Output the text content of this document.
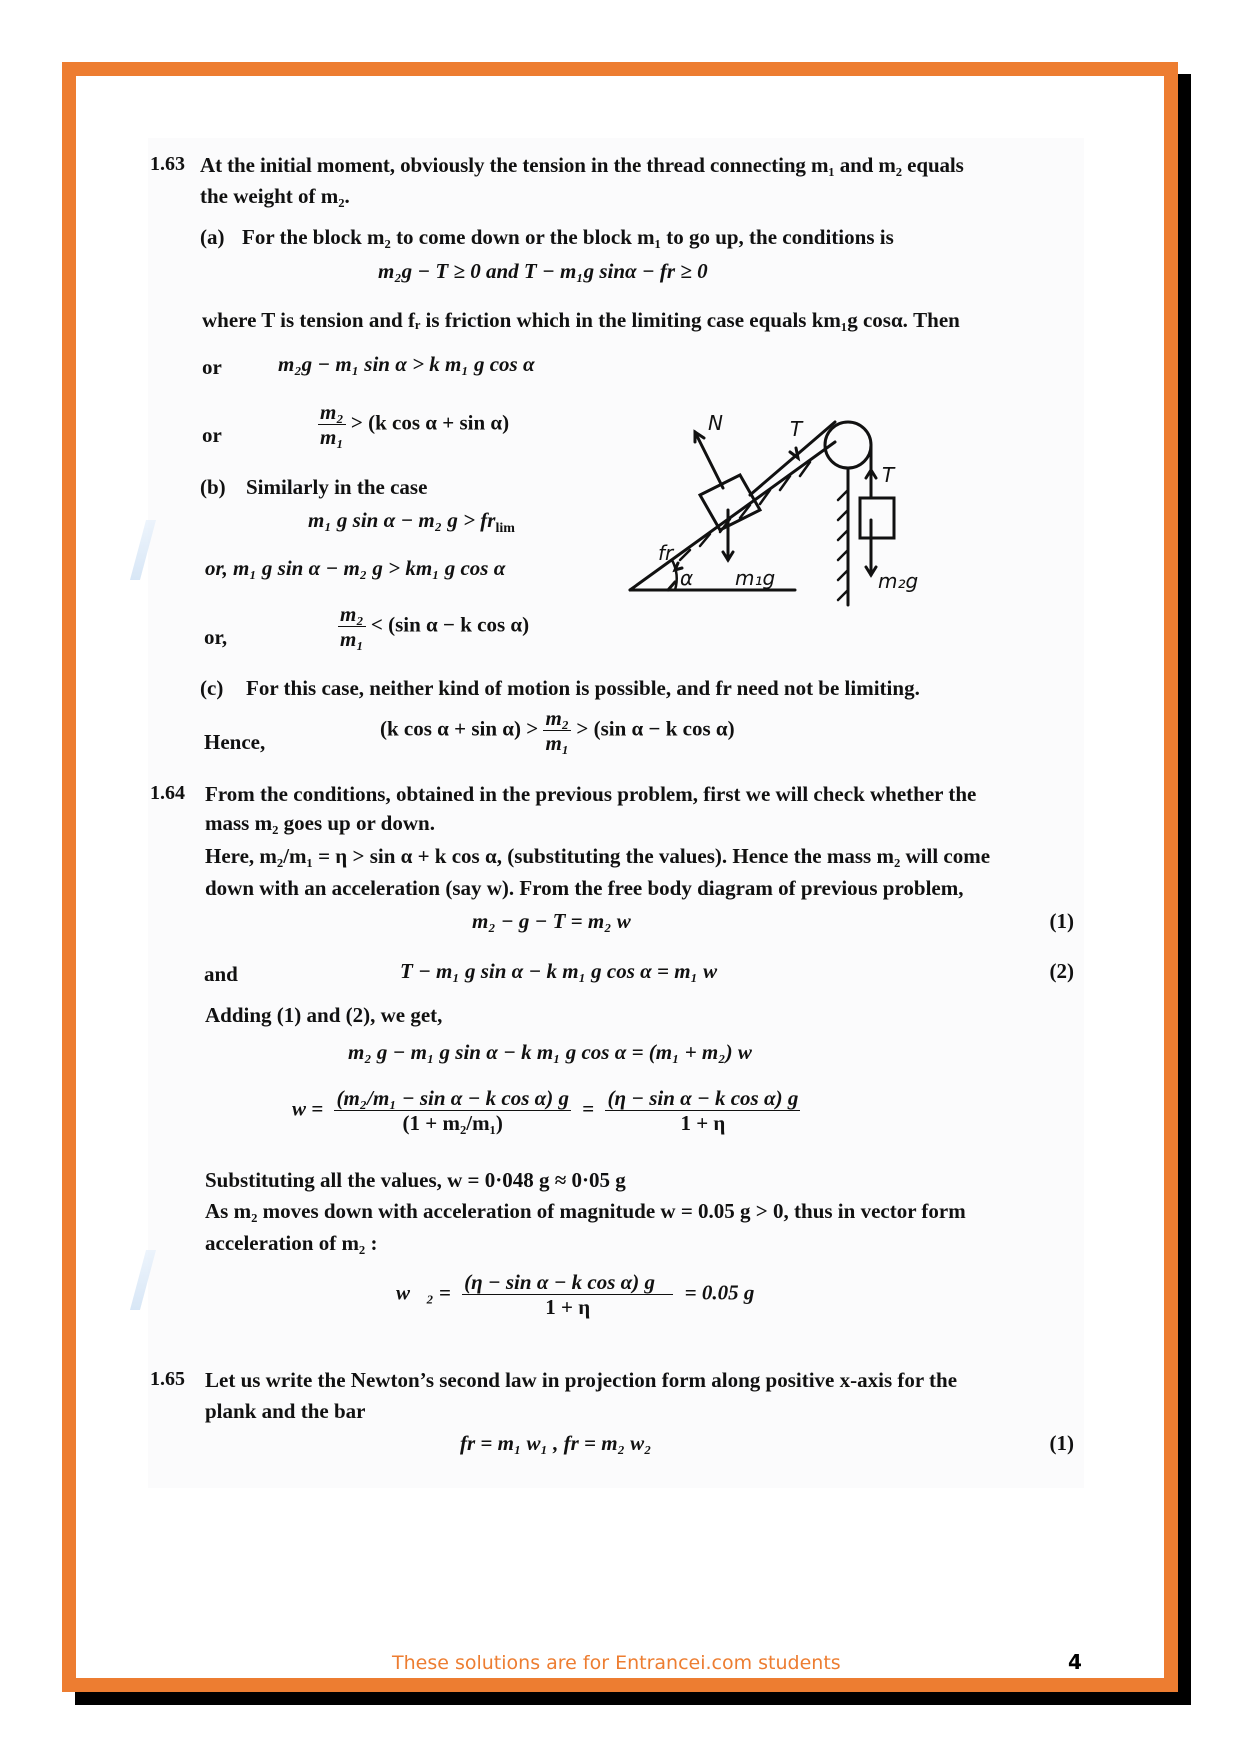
1.63 At the initial moment, obviously the tension in the thread connecting m₁ and m₂ equals
the weight of m₂.
(a) For the block m₂ to come down or the block m₁ to go up, the conditions is
m₂g − T ≥ 0 and T − m₁g sinα − fr ≥ 0
where T is tension and fᵣ is friction which in the limiting case equals km₁g cosα. Then
or	m₂g − m₁ sin α > k m₁ g cos α
or	$\frac{\text{m₂}}{\text{m₁}} > (k$ cos α + sin α)
(b) Similarly in the case
m₁ g sin α − m₂ $g > fr_{lim}$
or, m₁ g sin α − m₂ g > km₁ g cos α
or,	$\frac{\text{m₂}}{\text{m₁}} < (\sin$ α − k cos α)
(c) For this case, neither kind of motion is possible, and fr need not be limiting.
Hence,
(k $\cos \alpha + \sin \alpha) > \frac{\text{m₂}}{\text{m₁}} > (\sin$ α − k cos α)
N	T
T
fr
α m₁g	m₂g
1.64 From the conditions, obtained in the previous problem, first we will check whether the
mass m₂ goes up or down.
Here, m₂/m₁ = η > sin α + k cos α, (substituting the values). Hence the mass m₂ will come
down with an acceleration (say w). From the free body diagram of previous problem,
m₂ − g − T = m₂ w	(1)
and	T − m₁ g sin α − k m₁ g cos α = m₁ w	(2)
Adding (1) and (2), we get,
m₂ g − m₁ g sin α − k m₁ g cos α = (m₁ + m₂) w
$w = \frac{\text{(m₂/m₁ − sin α − k cos α) g}}{\text{(1 + m₂/m₁)}} = \frac{\text{(η − sin α − k cos α) g}}{1 + \eta}$
Substituting all the values, w = 0·048 g ≈ 0·05 g
As m₂ moves down with acceleration of magnitude w = 0.05 g > 0, thus in vector form
acceleration of m₂ :
w⃗₂ = $\frac{\text{(η − sin α − k cos α) g⃗}}{1 + \eta} = 0.05$ g⃗
1.65 Let us write the Newton’s second law in projection form along positive x-axis for the
plank and the bar
fr = m₁ w₁ , fr = m₂ w₂	(1)
These solutions are for Entrancei.com students	4
